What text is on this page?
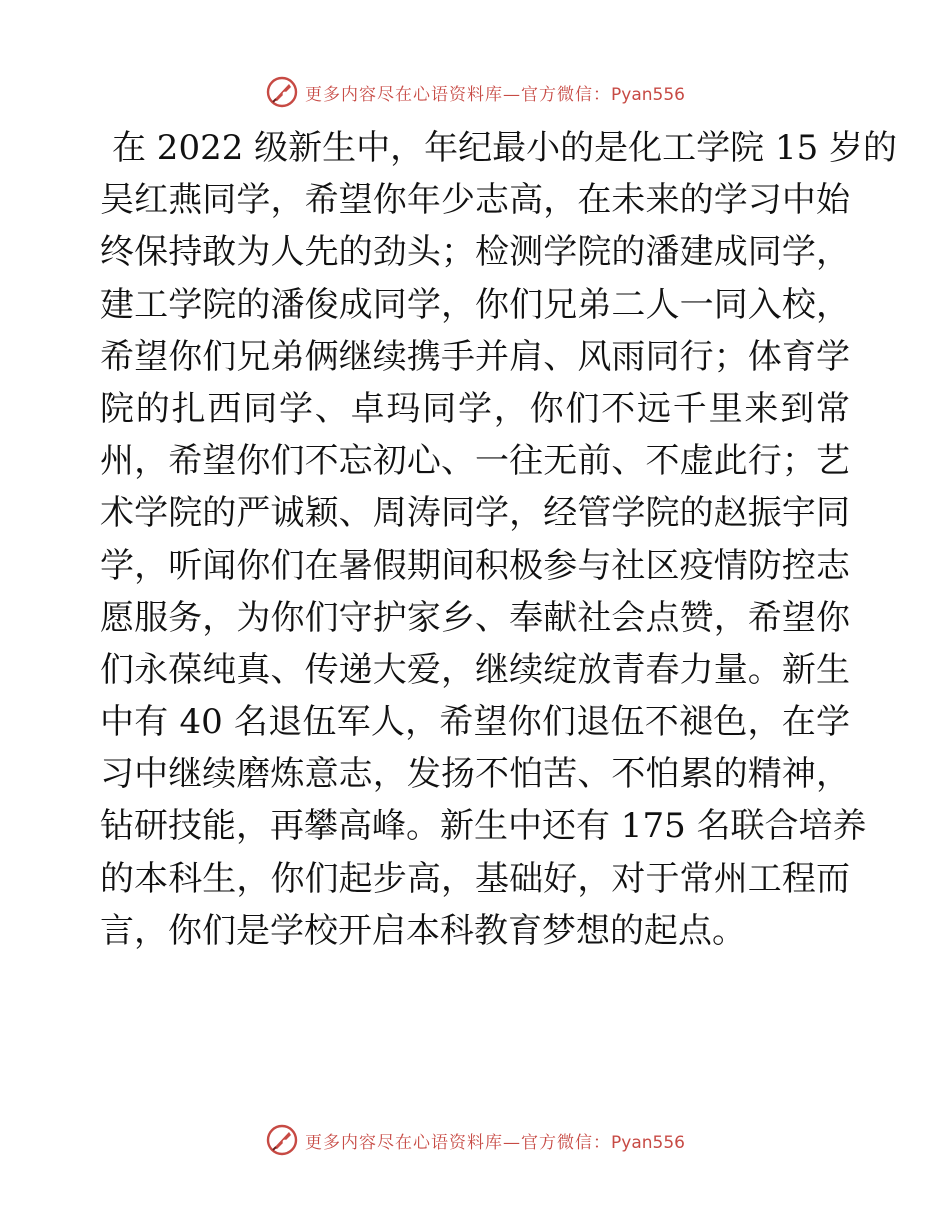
更多内容尽在心语资料库—官方微信：Pyan556
在 2022 级新生中，年纪最小的是化工学院 15 岁的
吴红燕同学，希望你年少志高，在未来的学习中始
终保持敢为人先的劲头；检测学院的潘建成同学，
建工学院的潘俊成同学，你们兄弟二人一同入校，
希望你们兄弟俩继续携手并肩、风雨同行；体育学
院的扎西同学、卓玛同学，你们不远千里来到常
州，希望你们不忘初心、一往无前、不虚此行；艺
术学院的严诚颖、周涛同学，经管学院的赵振宇同
学，听闻你们在暑假期间积极参与社区疫情防控志
愿服务，为你们守护家乡、奉献社会点赞，希望你
们永葆纯真、传递大爱，继续绽放青春力量。新生
中有 40 名退伍军人，希望你们退伍不褪色，在学
习中继续磨炼意志，发扬不怕苦、不怕累的精神，
钻研技能，再攀高峰。新生中还有 175 名联合培养
的本科生，你们起步高，基础好，对于常州工程而
言，你们是学校开启本科教育梦想的起点。
更多内容尽在心语资料库—官方微信：Pyan556
